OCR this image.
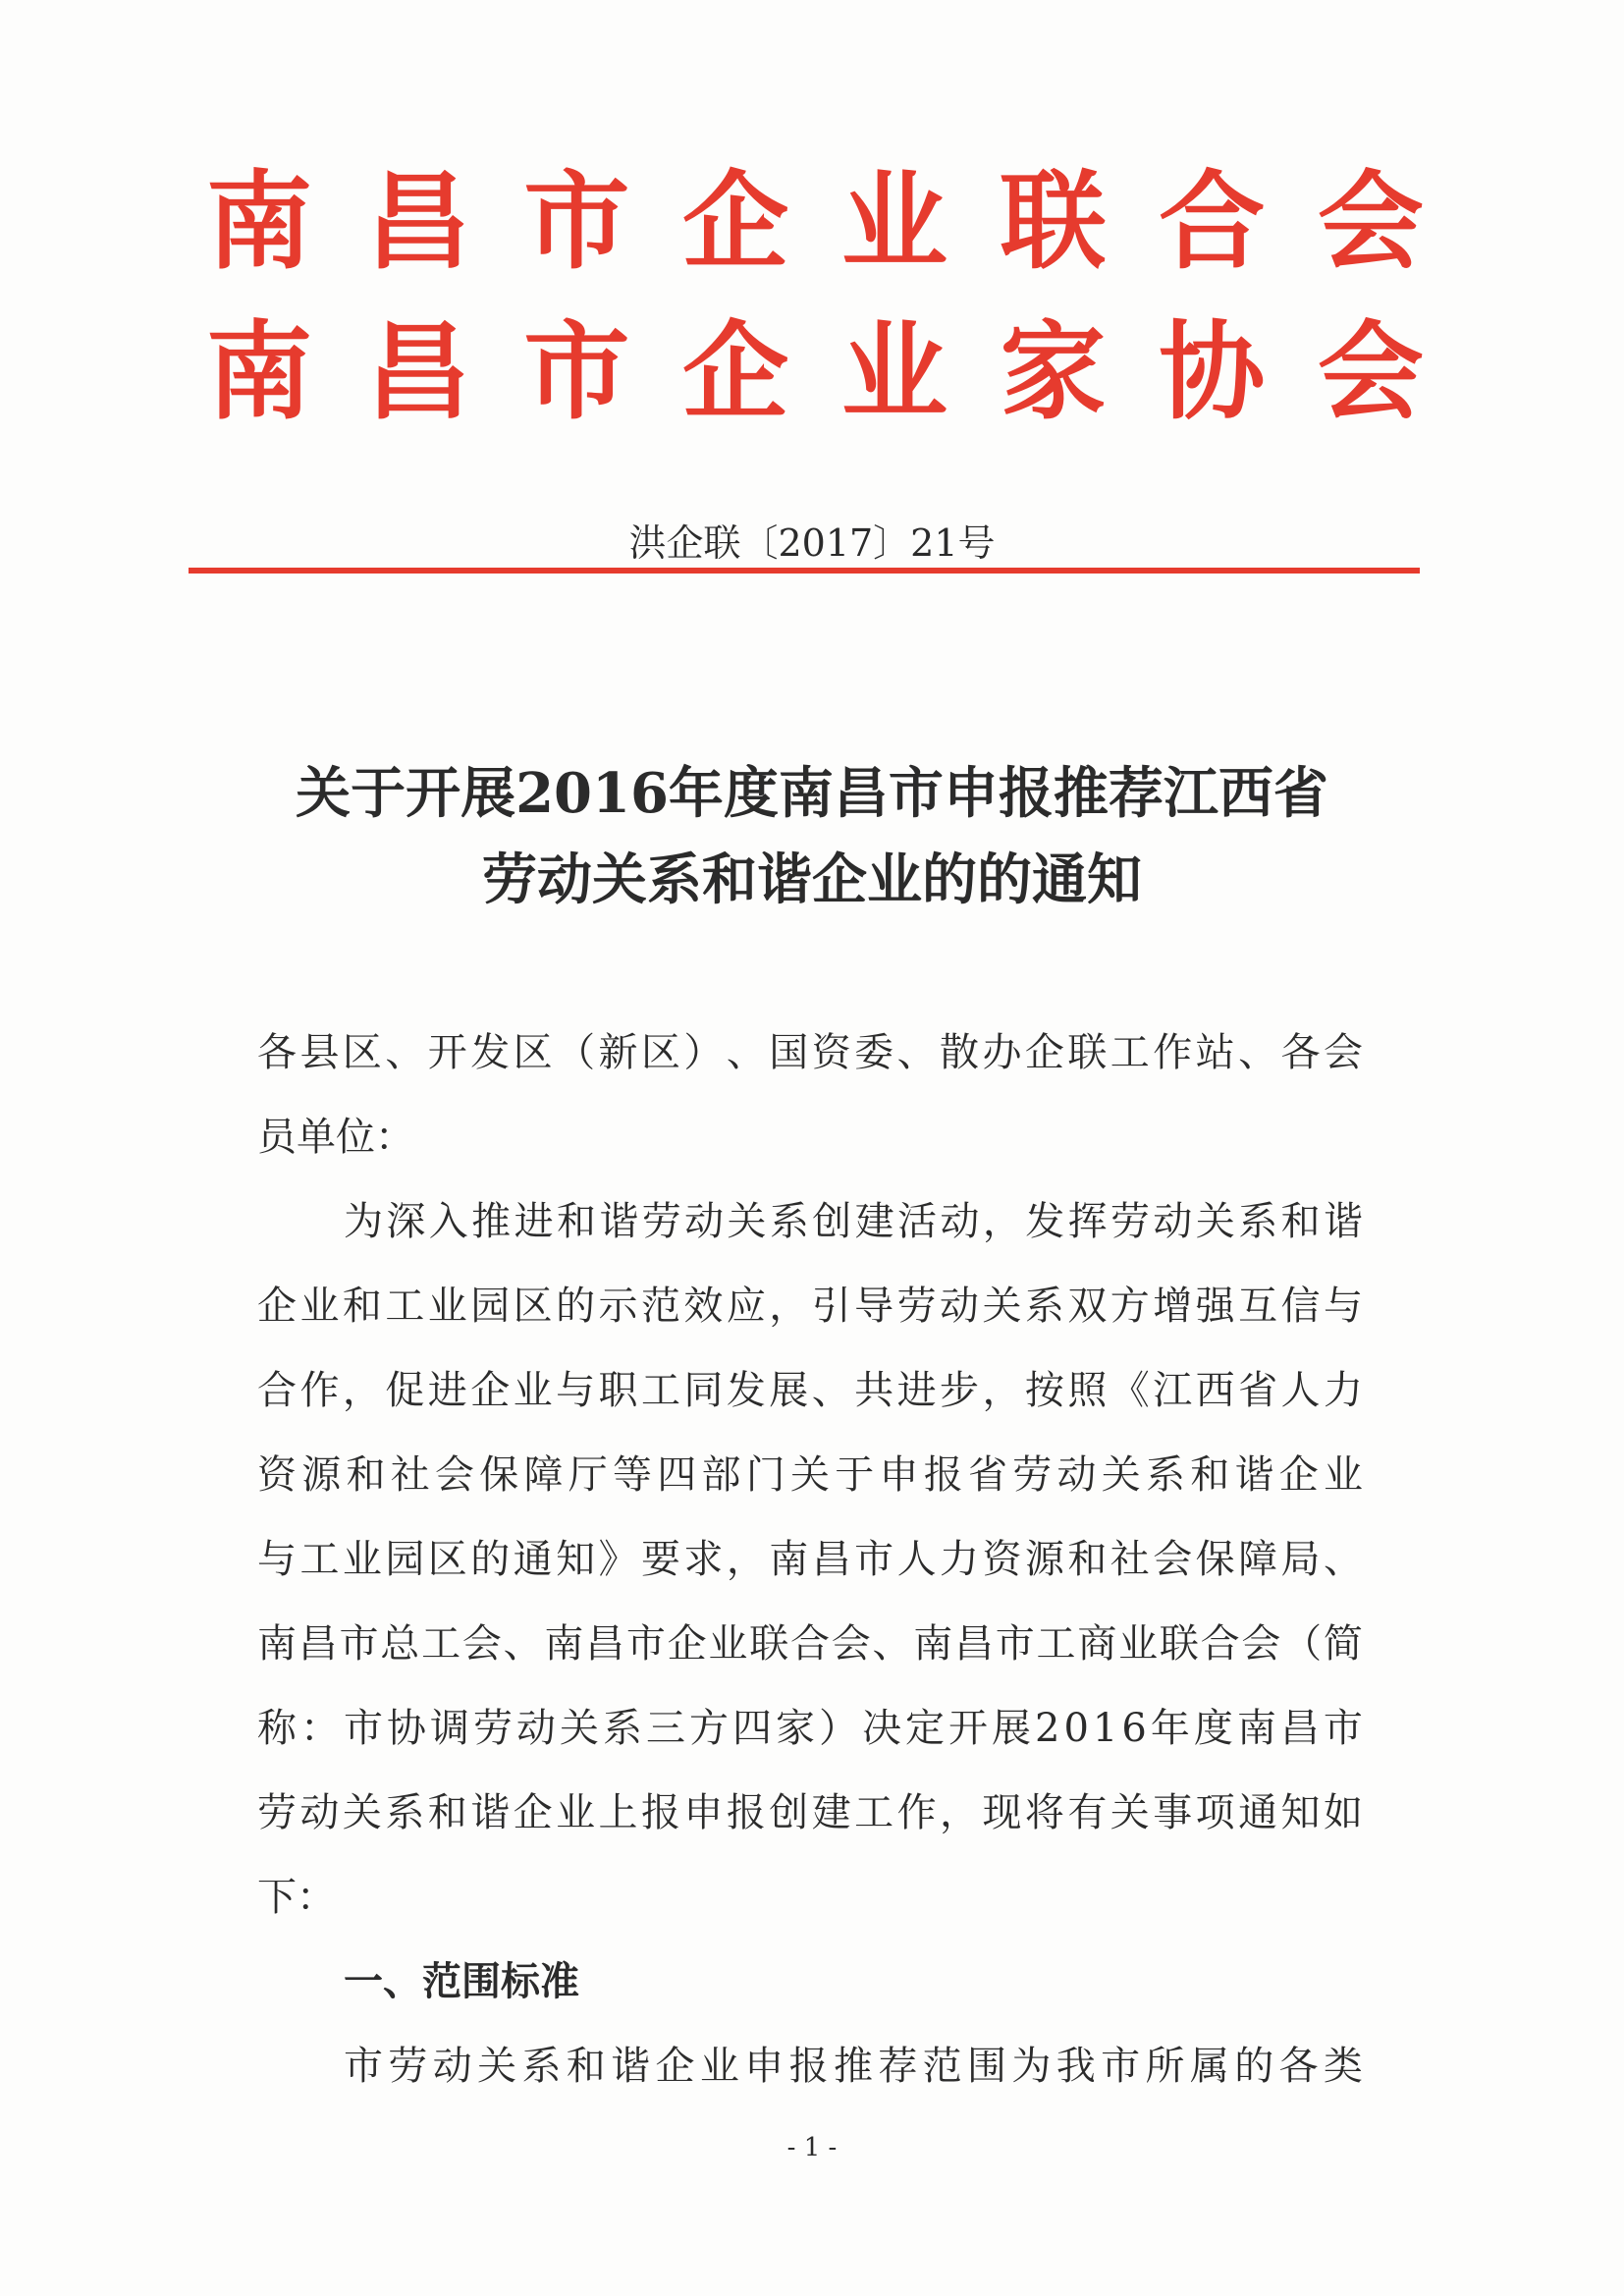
南 昌 市 企 业 联 合 会
南 昌 市 企 业 家 协 会
洪企联〔2017〕21号
关于开展2016年度南昌市申报推荐江西省
劳动关系和谐企业的的通知
各 县 区 、 开 发 区 （ 新 区 ） 、 国 资 委 、 散 办 企 联 工 作 站 、 各 会
员单位：
为 深 入 推 进 和 谐 劳 动 关 系 创 建 活 动 ， 发 挥 劳 动 关 系 和 谐
企 业 和 工 业 园 区 的 示 范 效 应 ， 引 导 劳 动 关 系 双 方 增 强 互 信 与
合 作 ， 促 进 企 业 与 职 工 同 发 展 、 共 进 步 ， 按 照 《 江 西 省 人 力
资 源 和 社 会 保 障 厅 等 四 部 门 关 于 申 报 省 劳 动 关 系 和 谐 企 业
与 工 业 园 区 的 通 知 》 要 求 ， 南 昌 市 人 力 资 源 和 社 会 保 障 局 、
南 昌 市 总 工 会 、 南 昌 市 企 业 联 合 会 、 南 昌 市 工 商 业 联 合 会 （ 简
称 ： 市 协 调 劳 动 关 系 三 方 四 家 ） 决 定 开 展 2 0 1 6 年 度 南 昌 市
劳 动 关 系 和 谐 企 业 上 报 申 报 创 建 工 作 ， 现 将 有 关 事 项 通 知 如
下：
一、范围标准
市 劳 动 关 系 和 谐 企 业 申 报 推 荐 范 围 为 我 市 所 属 的 各 类
- 1 -
